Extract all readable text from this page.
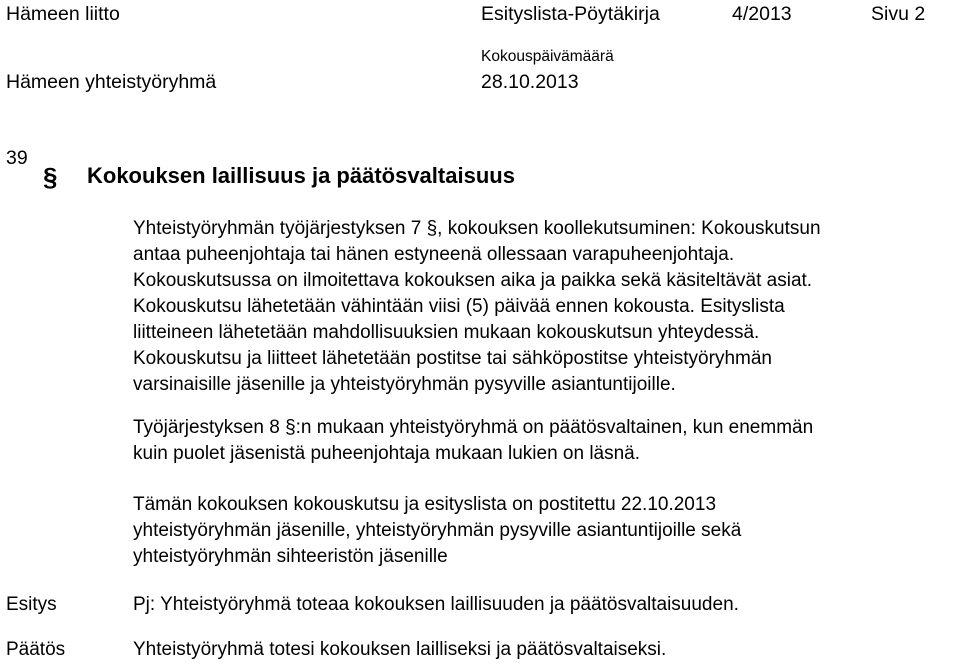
Hämeen liitto	Esityslista-Pöytäkirja	4/2013	Sivu 2
Kokouspäivämäärä
Hämeen yhteistyöryhmä	28.10.2013
39
§ Kokouksen laillisuus ja päätösvaltaisuus
Yhteistyöryhmän työjärjestyksen 7 §, kokouksen koollekutsuminen: Kokouskutsun
antaa puheenjohtaja tai hänen estyneenä ollessaan varapuheenjohtaja.
Kokouskutsussa on ilmoitettava kokouksen aika ja paikka sekä käsiteltävät asiat.
Kokouskutsu lähetetään vähintään viisi (5) päivää ennen kokousta. Esityslista
liitteineen lähetetään mahdollisuuksien mukaan kokouskutsun yhteydessä.
Kokouskutsu ja liitteet lähetetään postitse tai sähköpostitse yhteistyöryhmän
varsinaisille jäsenille ja yhteistyöryhmän pysyville asiantuntijoille.
Työjärjestyksen 8 §:n mukaan yhteistyöryhmä on päätösvaltainen, kun enemmän
kuin puolet jäsenistä puheenjohtaja mukaan lukien on läsnä.
Tämän kokouksen kokouskutsu ja esityslista on postitettu 22.10.2013
yhteistyöryhmän jäsenille, yhteistyöryhmän pysyville asiantuntijoille sekä
yhteistyöryhmän sihteeristön jäsenille
Esitys	Pj: Yhteistyöryhmä toteaa kokouksen laillisuuden ja päätösvaltaisuuden.
Päätös	Yhteistyöryhmä totesi kokouksen lailliseksi ja päätösvaltaiseksi.
